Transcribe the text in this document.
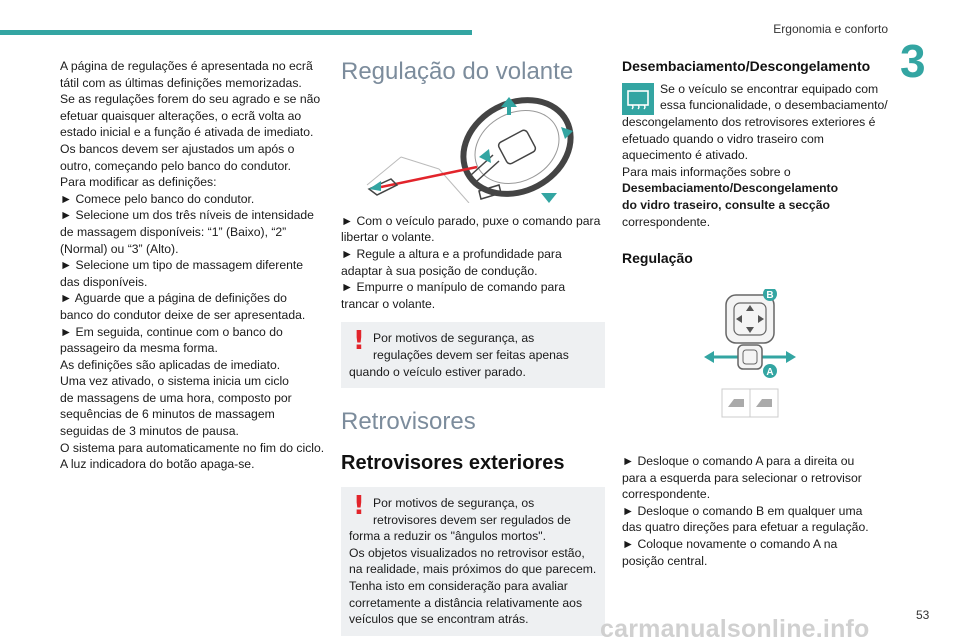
Ergonomia e conforto
3

A página de regulações é apresentada no ecrã

tátil com as últimas definições memorizadas.

Se as regulações forem do seu agrado e se não

efetuar quaisquer alterações, o ecrã volta ao

estado inicial e a função é ativada de imediato.

Os bancos devem ser ajustados um após o

outro, começando pelo banco do condutor.

Para modificar as definições:

► Comece pelo banco do condutor.

► Selecione um dos três níveis de intensidade

de massagem disponíveis: “1” (Baixo), “2”

(Normal) ou “3” (Alto).

► Selecione um tipo de massagem diferente

das disponíveis.

► Aguarde que a página de definições do

banco do condutor deixe de ser apresentada.

► Em seguida, continue com o banco do

passageiro da mesma forma.

As definições são aplicadas de imediato.

Uma vez ativado, o sistema inicia um ciclo

de massagens de uma hora, composto por

sequências de 6 minutos de massagem

seguidas de 3 minutos de pausa.

O sistema para automaticamente no fim do ciclo.

A luz indicadora do botão apaga-se.

Regulação do volante

► Com o veículo parado, puxe o comando para

libertar o volante.

► Regule a altura e a profundidade para

adaptar à sua posição de condução.

► Empurre o manípulo de comando para

trancar o volante.

! Por motivos de segurança, as

regulações devem ser feitas apenas

quando o veículo estiver parado.

Retrovisores
Retrovisores exteriores
! Por motivos de segurança, os

retrovisores devem ser regulados de

forma a reduzir os "ângulos mortos".

Os objetos visualizados no retrovisor estão,

na realidade, mais próximos do que parecem.

Tenha isto em consideração para avaliar

corretamente a distância relativamente aos

veículos que se encontram atrás.

Desembaciamento/Descongelamento

Se o veículo se encontrar equipado com

essa funcionalidade, o desembaciamento/

descongelamento dos retrovisores exteriores é

efetuado quando o vidro traseiro com

aquecimento é ativado.

Para mais informações sobre o

Desembaciamento/Descongelamento

do vidro traseiro, consulte a secção

correspondente.

Regulação
B
A

► Desloque o comando A para a direita ou

para a esquerda para selecionar o retrovisor

correspondente.

► Desloque o comando B em qualquer uma

das quatro direções para efetuar a regulação.

► Coloque novamente o comando A na

posição central.

53
carmanualsonline.info
